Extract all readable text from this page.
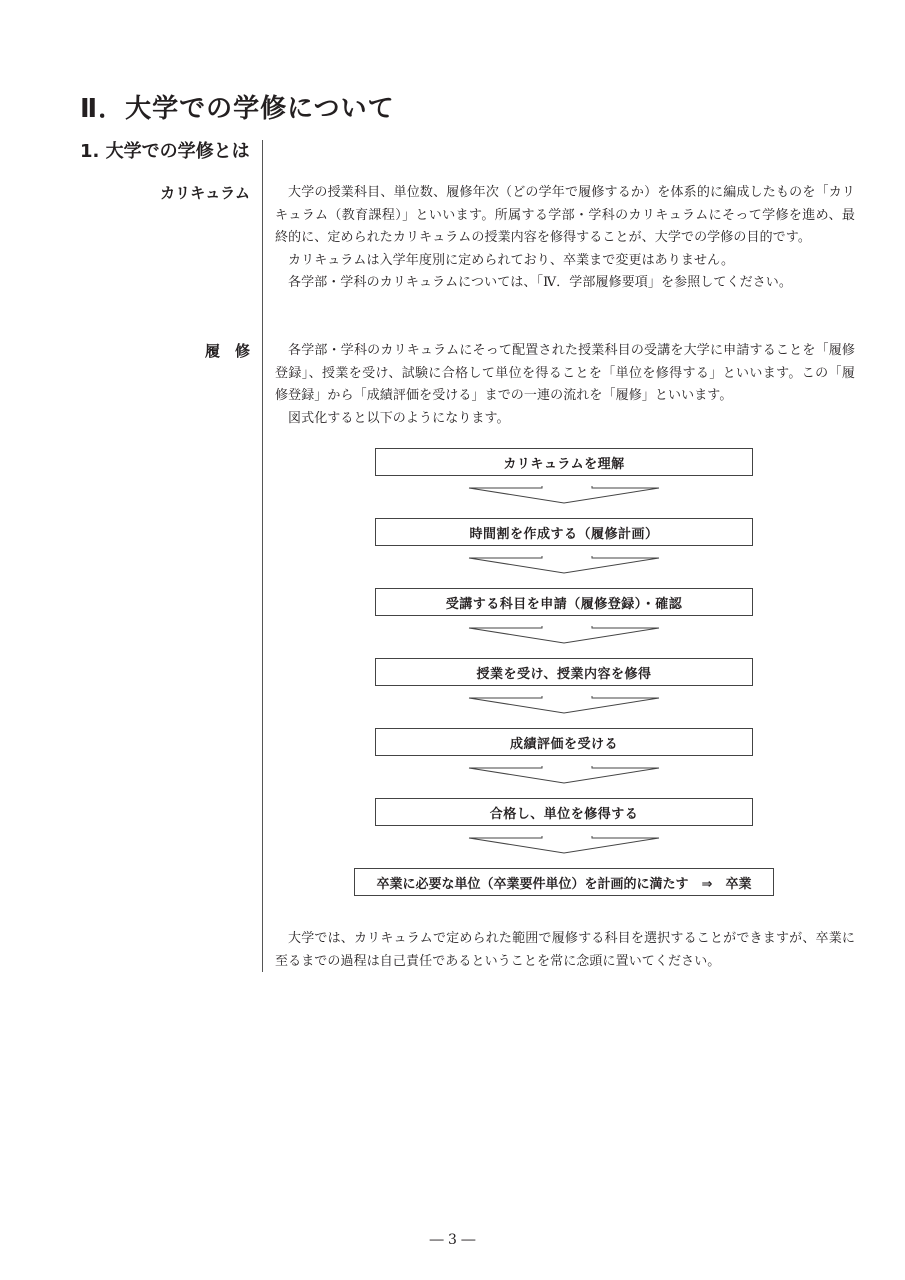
Ⅱ．大学での学修について
1. 大学での学修とは
カリキュラム	大学の授業科目、単位数、履修年次（どの学年で履修するか）を体系的に編成したものを「カリキュラム（教育課程）」といいます。所属する学部・学科のカリキュラムにそって学修を進め、最終的に、定められたカリキュラムの授業内容を修得することが、大学での学修の目的です。

カリキュラムは入学年度別に定められており、卒業まで変更はありません。

各学部・学科のカリキュラムについては、「Ⅳ．学部履修要項」を参照してください。

履　修	各学部・学科のカリキュラムにそって配置された授業科目の受講を大学に申請することを「履修登録」、授業を受け、試験に合格して単位を得ることを「単位を修得する」といいます。この「履修登録」から「成績評価を受ける」までの一連の流れを「履修」といいます。

図式化すると以下のようになります。

カリキュラムを理解
時間割を作成する（履修計画）
受講する科目を申請（履修登録）・確認
授業を受け、授業内容を修得
成績評価を受ける
合格し、単位を修得する
卒業に必要な単位（卒業要件単位）を計画的に満たす　⇒　卒業

大学では、カリキュラムで定められた範囲で履修する科目を選択することができますが、卒業に至るまでの過程は自己責任であるということを常に念頭に置いてください。

― 3 ―
